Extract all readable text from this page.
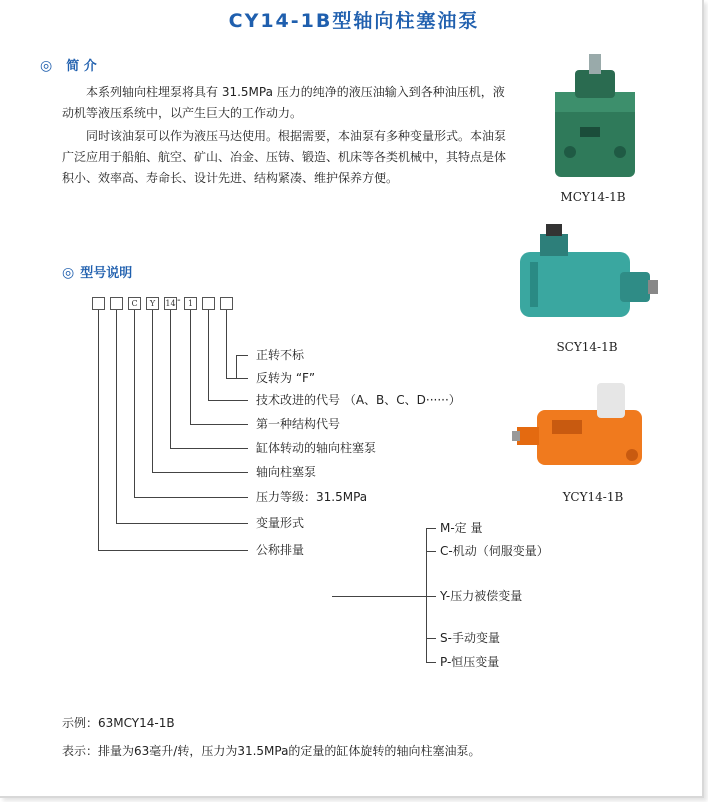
CY14-1B型轴向柱塞油泵
◎ 简 介

本系列轴向柱埋泵将具有 31.5MPa 压力的纯净的液压油输入到各种油压机，液动机等液压系统中，以产生巨大的工作动力。

同时该油泵可以作为液压马达使用。根据需要，本油泵有多种变量形式。本油泵广泛应用于船舶、航空、矿山、冶金、压铸、锻造、机床等各类机械中，其特点是体积小、效率高、寿命长、设计先进、结构紧凑、维护保养方便。

MCY14-1B
SCY14-1B
YCY14-1B
◎ 型号说明
C	Y	14 - 1
正转不标
反转为 “F”
技术改进的代号 （A、B、C、D······）
第一种结构代号
缸体转动的轴向柱塞泵
轴向柱塞泵
压力等级：31.5MPa
变量形式
公称排量
M-定 量
C-机动（伺服变量）
Y-压力被偿变量
S-手动变量
P-恒压变量
示例：63MCY14-1B
表示：排量为63毫升/转，压力为31.5MPa的定量的缸体旋转的轴向柱塞油泵。
